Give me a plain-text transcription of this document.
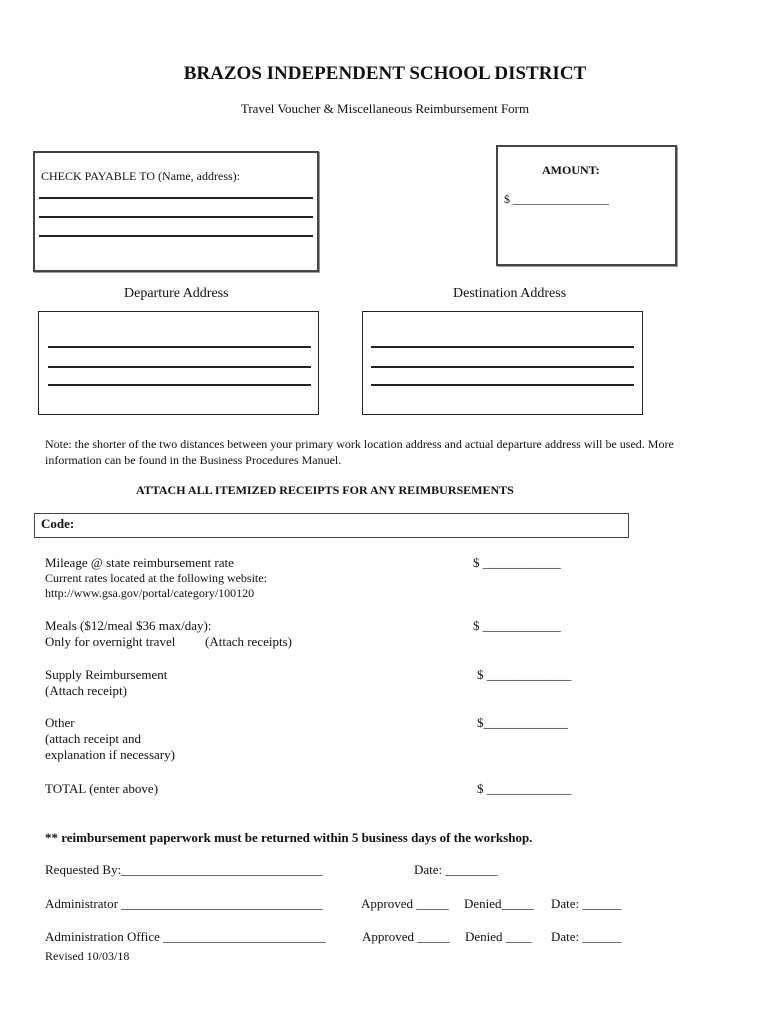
BRAZOS INDEPENDENT SCHOOL DISTRICT
Travel Voucher & Miscellaneous Reimbursement Form
CHECK PAYABLE TO (Name, address):	AMOUNT:
$ ________________
Departure Address	Destination Address
Note: the shorter of the two distances between your primary work location address and actual departure address will be used. More
information can be found in the Business Procedures Manuel.
ATTACH ALL ITEMIZED RECEIPTS FOR ANY REIMBURSEMENTS
Code:
Mileage @ state reimbursement rate
Current rates located at the following website:
http://www.gsa.gov/portal/category/100120
$ ____________
Meals ($12/meal $36 max/day):
Only for overnight travel (Attach receipts)
$ ____________
Supply Reimbursement
(Attach receipt)
$ _____________
Other
(attach receipt and
explanation if necessary)
$_____________
TOTAL (enter above)	$ _____________
** reimbursement paperwork must be returned within 5 business days of the workshop.
Requested By:_______________________________	Date: ________
Administrator _______________________________	Approved _____ Denied_____ Date: ______
Administration Office _________________________	Approved _____ Denied ____ Date: ______
Revised 10/03/18
